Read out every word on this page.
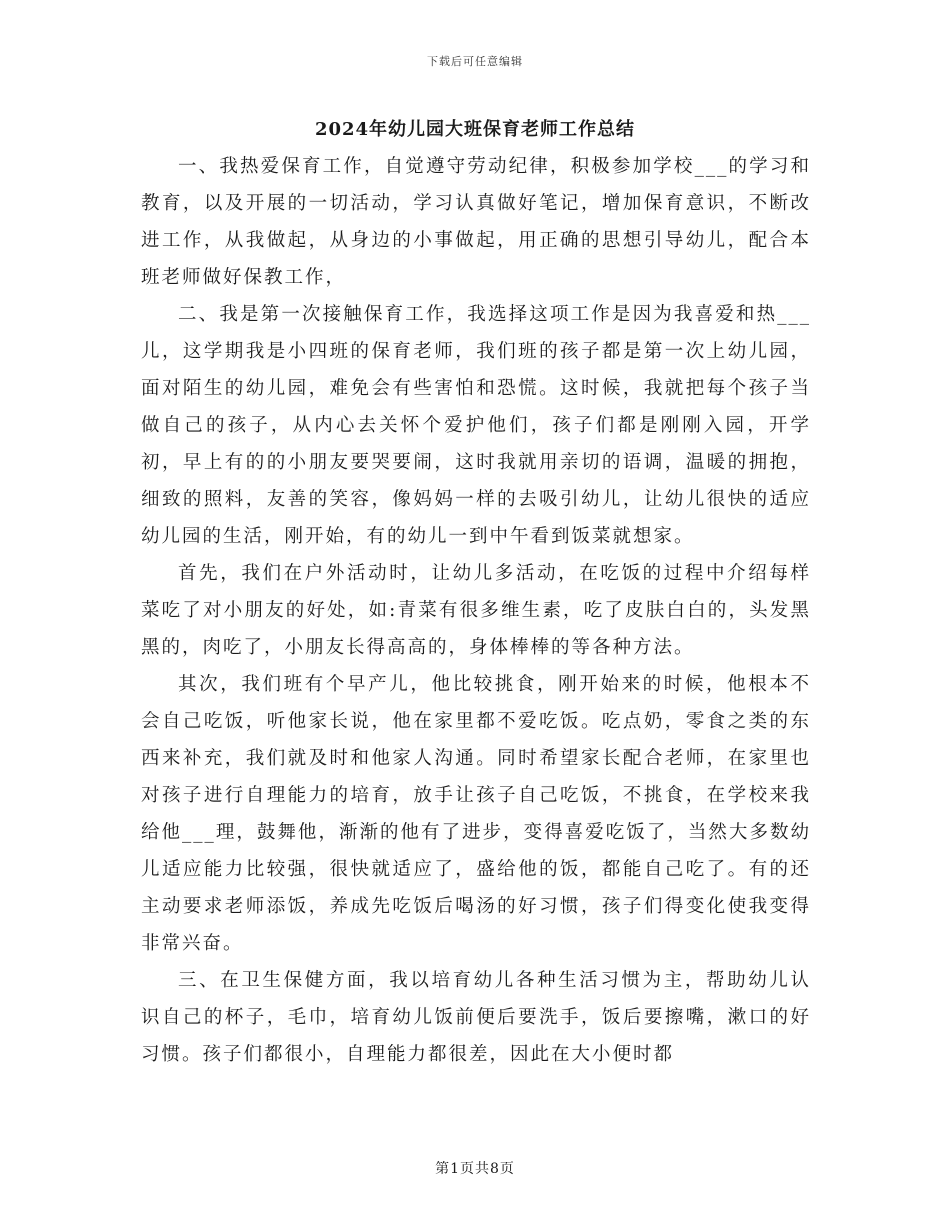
下载后可任意编辑
2024年幼儿园大班保育老师工作总结

一、我热爱保育工作，自觉遵守劳动纪律，积极参加学校___的学习和教育，以及开展的一切活动，学习认真做好笔记，增加保育意识，不断改进工作，从我做起，从身边的小事做起，用正确的思想引导幼儿，配合本班老师做好保教工作，

二、我是第一次接触保育工作，我选择这项工作是因为我喜爱和热___儿，这学期我是小四班的保育老师，我们班的孩子都是第一次上幼儿园，面对陌生的幼儿园，难免会有些害怕和恐慌。这时候，我就把每个孩子当做自己的孩子，从内心去关怀个爱护他们，孩子们都是刚刚入园，开学初，早上有的的小朋友要哭要闹，这时我就用亲切的语调，温暖的拥抱，细致的照料，友善的笑容，像妈妈一样的去吸引幼儿，让幼儿很快的适应幼儿园的生活，刚开始，有的幼儿一到中午看到饭菜就想家。

首先，我们在户外活动时，让幼儿多活动，在吃饭的过程中介绍每样菜吃了对小朋友的好处，如:青菜有很多维生素，吃了皮肤白白的，头发黑黑的，肉吃了，小朋友长得高高的，身体棒棒的等各种方法。

其次，我们班有个早产儿，他比较挑食，刚开始来的时候，他根本不会自己吃饭，听他家长说，他在家里都不爱吃饭。吃点奶，零食之类的东西来补充，我们就及时和他家人沟通。同时希望家长配合老师，在家里也对孩子进行自理能力的培育，放手让孩子自己吃饭，不挑食，在学校来我给他___理，鼓舞他，渐渐的他有了进步，变得喜爱吃饭了，当然大多数幼儿适应能力比较强，很快就适应了，盛给他的饭，都能自己吃了。有的还主动要求老师添饭，养成先吃饭后喝汤的好习惯，孩子们得变化使我变得非常兴奋。

三、在卫生保健方面，我以培育幼儿各种生活习惯为主，帮助幼儿认识自己的杯子，毛巾，培育幼儿饭前便后要洗手，饭后要擦嘴，漱口的好习惯。孩子们都很小，自理能力都很差，因此在大小便时都

第1页共8页
